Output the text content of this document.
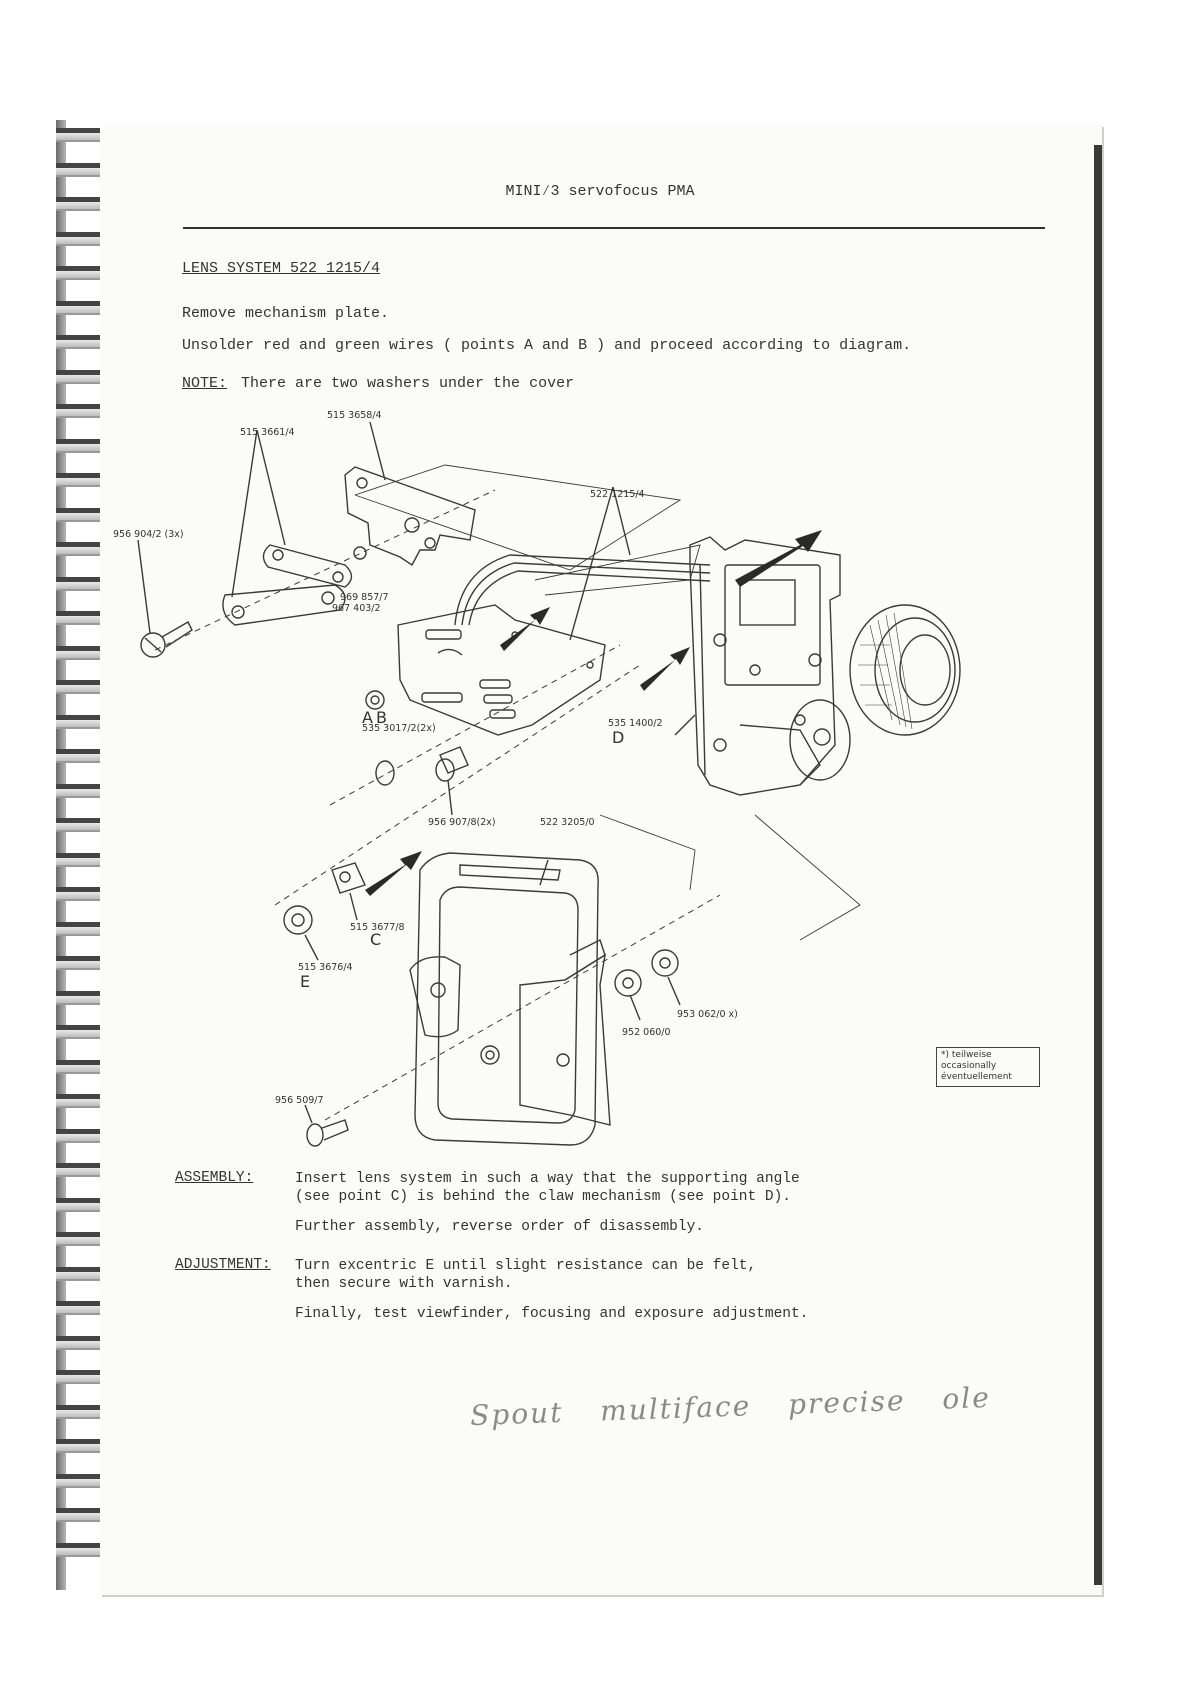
MINI⁄3 servofocus PMA
LENS SYSTEM 522 1215/4
Remove mechanism plate.
Unsolder red and green wires ( points A and B ) and proceed according to diagram.
NOTE: There are two washers under the cover
515 3658/4
515 3661/4
956 904/2 (3x)
522 1215/4
969 857/7
967 403/2
535 3017/2(2x)	535 1400/2
956 907/8(2x)	522 3205/0
515 3677/8
515 3676/4
953 062/0 x)
952 060/0
956 509/7
A B
C
D
E
*) teilweise
occasionally
éventuellement
ASSEMBLY:	Insert lens system in such a way that the supporting angle
(see point C) is behind the claw mechanism (see point D).
Further assembly, reverse order of disassembly.
ADJUSTMENT: Turn excentric E until slight resistance can be felt,
then secure with varnish.
Finally, test viewfinder, focusing and exposure adjustment.
Spout multiface precise ole
